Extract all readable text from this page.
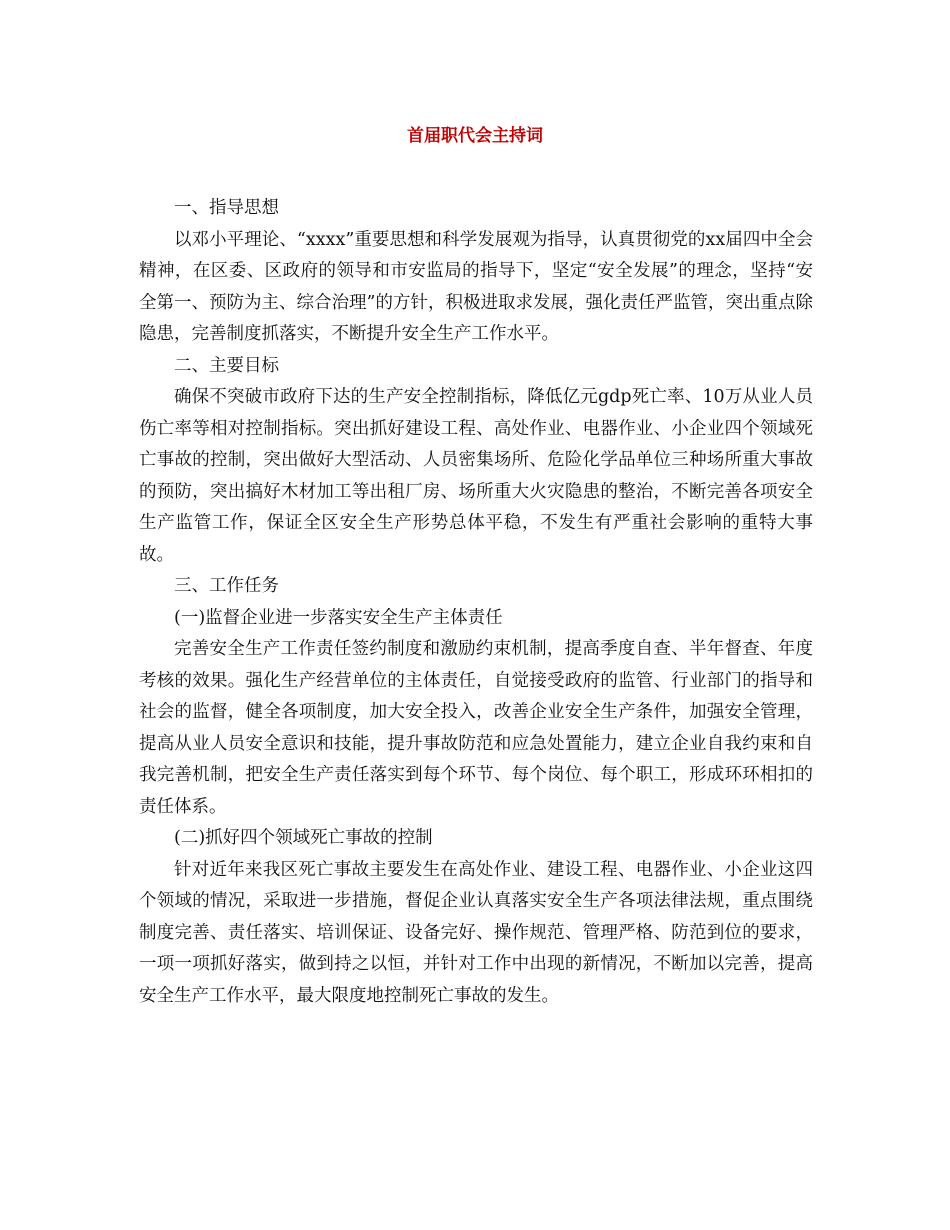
首届职代会主持词

一、指导思想

以邓小平理论、“xxxx”重要思想和科学发展观为指导，认真贯彻党的xx届四中全会精神，在区委、区政府的领导和市安监局的指导下，坚定“安全发展”的理念，坚持“安全第一、预防为主、综合治理”的方针，积极进取求发展，强化责任严监管，突出重点除隐患，完善制度抓落实，不断提升安全生产工作水平。

二、主要目标

确保不突破市政府下达的生产安全控制指标，降低亿元gdp死亡率、10万从业人员伤亡率等相对控制指标。突出抓好建设工程、高处作业、电器作业、小企业四个领域死亡事故的控制，突出做好大型活动、人员密集场所、危险化学品单位三种场所重大事故的预防，突出搞好木材加工等出租厂房、场所重大火灾隐患的整治，不断完善各项安全生产监管工作，保证全区安全生产形势总体平稳，不发生有严重社会影响的重特大事故。

三、工作任务

(一)监督企业进一步落实安全生产主体责任

完善安全生产工作责任签约制度和激励约束机制，提高季度自查、半年督查、年度考核的效果。强化生产经营单位的主体责任，自觉接受政府的监管、行业部门的指导和社会的监督，健全各项制度，加大安全投入，改善企业安全生产条件，加强安全管理，提高从业人员安全意识和技能，提升事故防范和应急处置能力，建立企业自我约束和自我完善机制，把安全生产责任落实到每个环节、每个岗位、每个职工，形成环环相扣的责任体系。

(二)抓好四个领域死亡事故的控制

针对近年来我区死亡事故主要发生在高处作业、建设工程、电器作业、小企业这四个领域的情况，采取进一步措施，督促企业认真落实安全生产各项法律法规，重点围绕制度完善、责任落实、培训保证、设备完好、操作规范、管理严格、防范到位的要求，一项一项抓好落实，做到持之以恒，并针对工作中出现的新情况，不断加以完善，提高安全生产工作水平，最大限度地控制死亡事故的发生。
